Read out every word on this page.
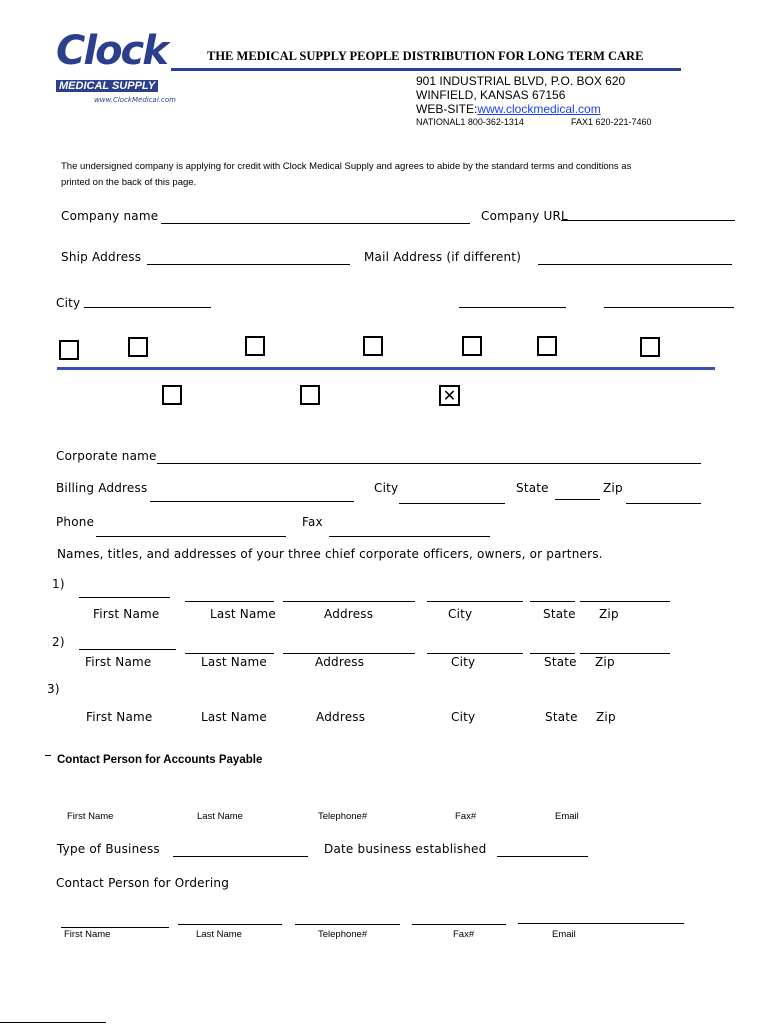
Clock
MEDICAL SUPPLY
www.ClockMedical.com
THE MEDICAL SUPPLY PEOPLE DISTRIBUTION FOR LONG TERM CARE
901 INDUSTRIAL BLVD, P.O. BOX 620
WINFIELD, KANSAS 67156
WEB-SITE:www.clockmedical.com
NATIONAL1 800-362-1314	FAX1 620-221-7460
The undersigned company is applying for credit with Clock Medical Supply and agrees to abide by the standard terms and conditions as
printed on the back of this page.
Company name	Company URL
Ship Address	Mail Address (if different)
City
✕
Corporate name
Billing Address	City	State	Zip
Phone	Fax
Names, titles, and addresses of your three chief corporate officers, owners, or partners.
1)
First Name	Last Name	Address	City	State Zip
2)
First Name	Last Name	Address	City	State Zip
3)
First Name	Last Name	Address	City	State Zip
Contact Person for Accounts Payable
First Name	Last Name	Telephone#	Fax#	Email
Type of Business	Date business established
Contact Person for Ordering
First Name	Last Name	Telephone#	Fax#	Email
